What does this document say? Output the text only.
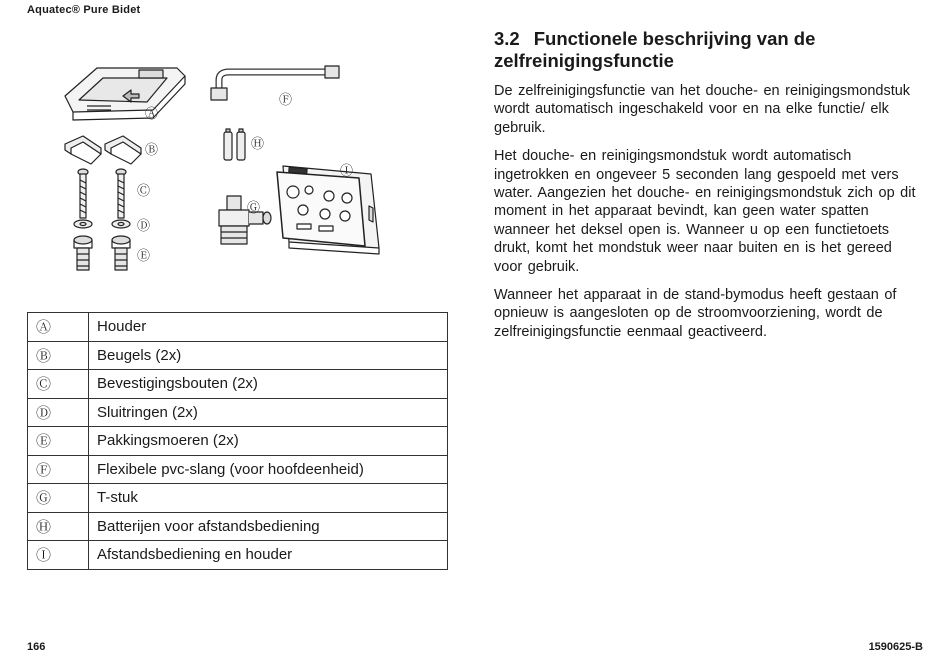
Aquatec® Pure Bidet
Ⓐ
Ⓑ
Ⓒ
Ⓓ
Ⓔ
Ⓕ
Ⓖ
Ⓗ
Ⓘ
Ⓐ	Houder
Ⓑ	Beugels (2x)
Ⓒ	Bevestigingsbouten (2x)
Ⓓ	Sluitringen (2x)
Ⓔ	Pakkingsmoeren (2x)
Ⓕ	Flexibele pvc-slang (voor hoofdeenheid)
Ⓖ	T-stuk
Ⓗ	Batterijen voor afstandsbediening
Ⓘ	Afstandsbediening en houder
3.2 Functionele beschrijving van de zelfreinigingsfunctie

De zelfreinigingsfunctie van het douche- en reinigingsmondstuk wordt automatisch ingeschakeld voor en na elke functie/ elk gebruik.

Het douche- en reinigingsmondstuk wordt automatisch ingetrokken en ongeveer 5 seconden lang gespoeld met vers water. Aangezien het douche- en reinigingsmondstuk zich op dit moment in het apparaat bevindt, kan geen water spatten wanneer het deksel open is. Wanneer u op een functietoets drukt, komt het mondstuk weer naar buiten en is het gereed voor gebruik.

Wanneer het apparaat in de stand-bymodus heeft gestaan of opnieuw is aangesloten op de stroomvoorziening, wordt de zelfreinigingsfunctie eenmaal geactiveerd.

166	1590625-B
